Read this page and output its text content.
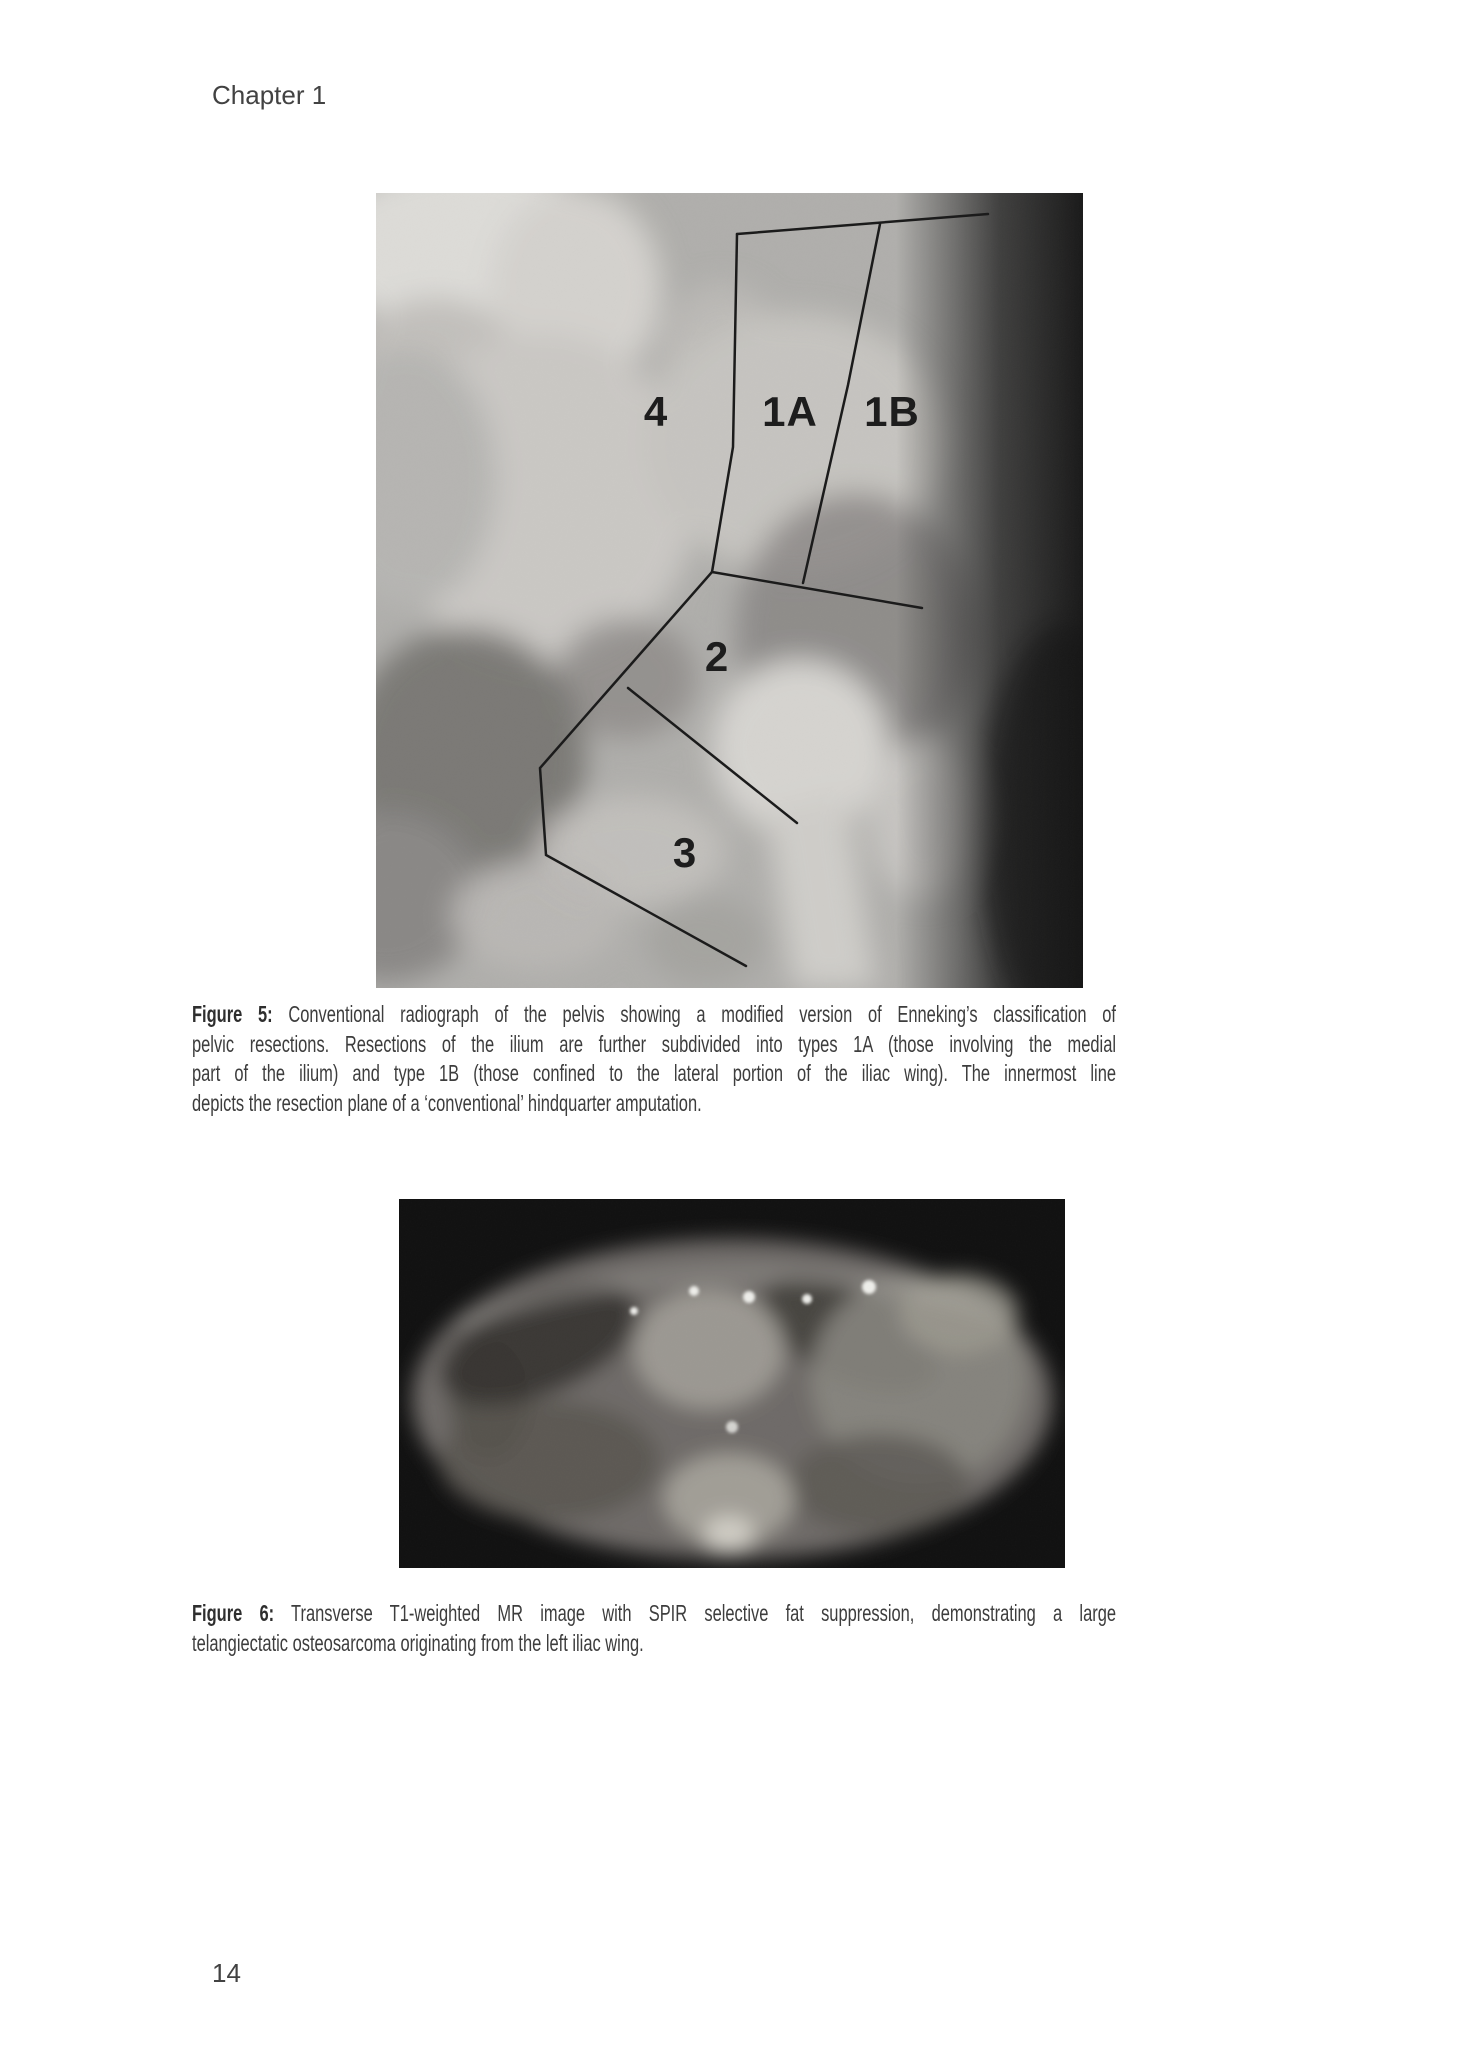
Chapter 1
4 1A 1B
2
3
Figure 5: Conventional radiograph of the pelvis showing a modified version of Enneking’s classification of
pelvic resections. Resections of the ilium are further subdivided into types 1A (those involving the medial
part of the ilium) and type 1B (those confined to the lateral portion of the iliac wing). The innermost line
depicts the resection plane of a ‘conventional’ hindquarter amputation.
Figure 6: Transverse T1-weighted MR image with SPIR selective fat suppression, demonstrating a large
telangiectatic osteosarcoma originating from the left iliac wing.
14
